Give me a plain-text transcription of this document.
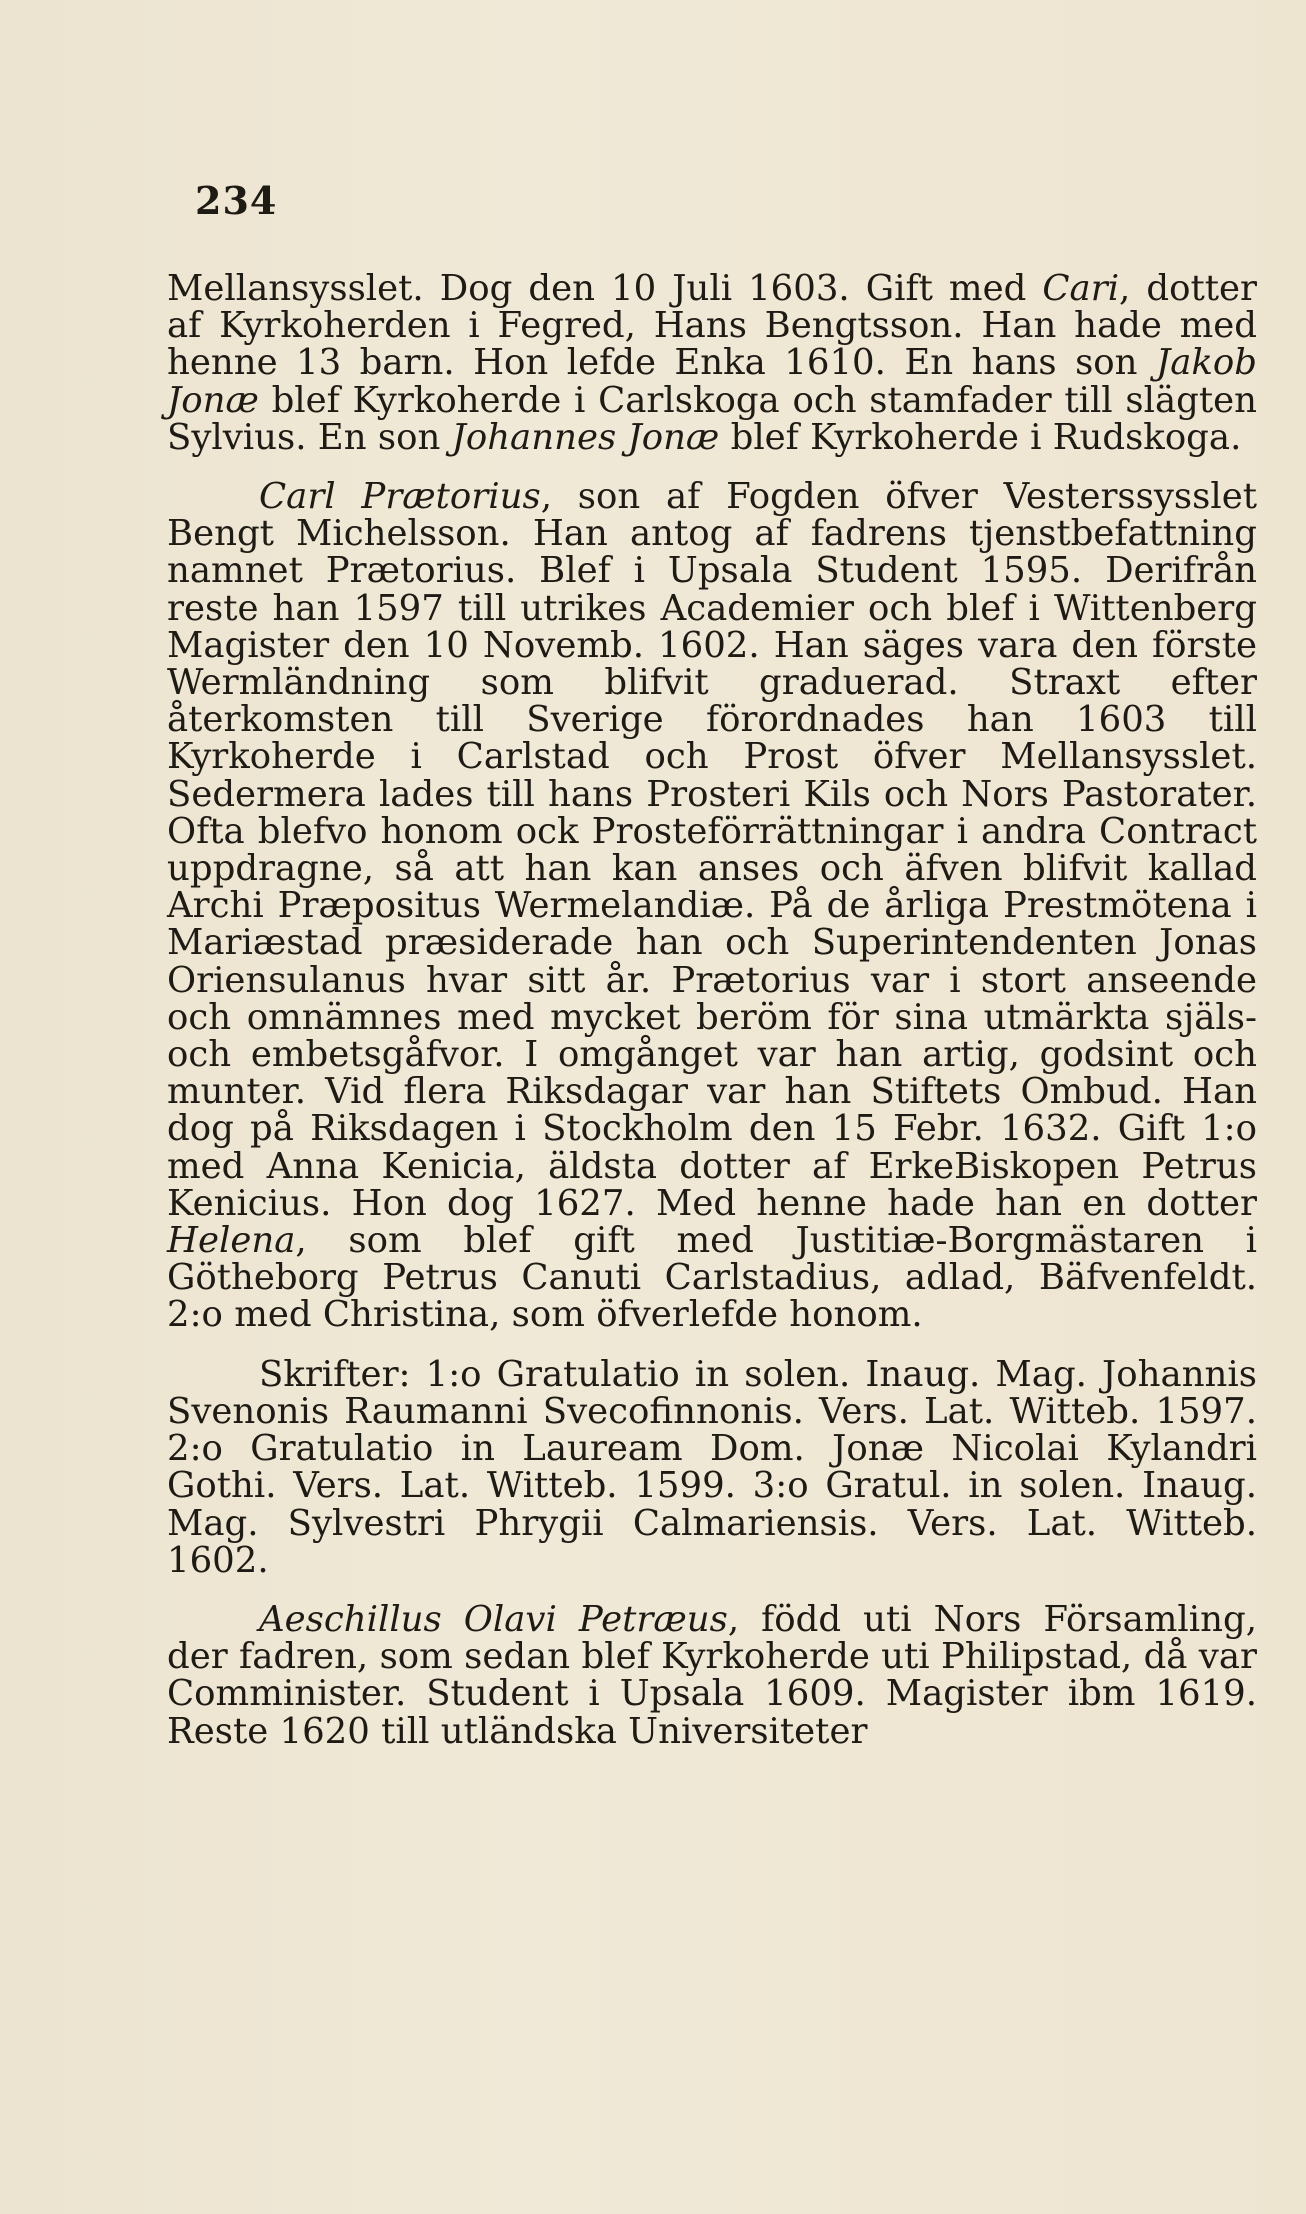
234

Mellansysslet. Dog den 10 Juli 1603. Gift med Cari, dotter af Kyrkoherden i Fegred, Hans Bengtsson. Han hade med henne 13 barn. Hon lefde Enka 1610. En hans son Jakob Jonæ blef Kyrkoherde i Carlskoga och stamfader till slägten Sylvius. En son Johannes Jonæ blef Kyrkoherde i Rudskoga.

Carl Prætorius, son af Fogden öfver Vesterssysslet Bengt Michelsson. Han antog af fadrens tjenstbefattning namnet Prætorius. Blef i Upsala Student 1595. Derifrån reste han 1597 till utrikes Academier och blef i Wittenberg Magister den 10 Novemb. 1602. Han säges vara den förste Wermländning som blifvit graduerad. Straxt efter återkomsten till Sverige förordnades han 1603 till Kyrkoherde i Carlstad och Prost öfver Mellansysslet. Sedermera lades till hans Prosteri Kils och Nors Pastorater. Ofta blefvo honom ock Prosteförrättningar i andra Contract uppdragne, så att han kan anses och äfven blifvit kallad Archi Præpositus Wermelandiæ. På de årliga Prestmötena i Mariæstad præsiderade han och Superintendenten Jonas Oriensulanus hvar sitt år. Prætorius var i stort anseende och omnämnes med mycket beröm för sina utmärkta själs- och embetsgåfvor. I omgånget var han artig, godsint och munter. Vid flera Riksdagar var han Stiftets Ombud. Han dog på Riksdagen i Stockholm den 15 Febr. 1632. Gift 1:o med Anna Kenicia, äldsta dotter af ErkeBiskopen Petrus Kenicius. Hon dog 1627. Med henne hade han en dotter Helena, som blef gift med Justitiæ-Borgmästaren i Götheborg Petrus Canuti Carlstadius, adlad, Bäfvenfeldt. 2:o med Christina, som öfverlefde honom.

Skrifter: 1:o Gratulatio in solen. Inaug. Mag. Johannis Svenonis Raumanni Svecofinnonis. Vers. Lat. Witteb. 1597. 2:o Gratulatio in Lauream Dom. Jonæ Nicolai Kylandri Gothi. Vers. Lat. Witteb. 1599. 3:o Gratul. in solen. Inaug. Mag. Sylvestri Phrygii Calmariensis. Vers. Lat. Witteb. 1602.

Aeschillus Olavi Petræus, född uti Nors Församling, der fadren, som sedan blef Kyrkoherde uti Philipstad, då var Comminister. Student i Upsala 1609. Magister ibm 1619. Reste 1620 till utländska Universiteter
